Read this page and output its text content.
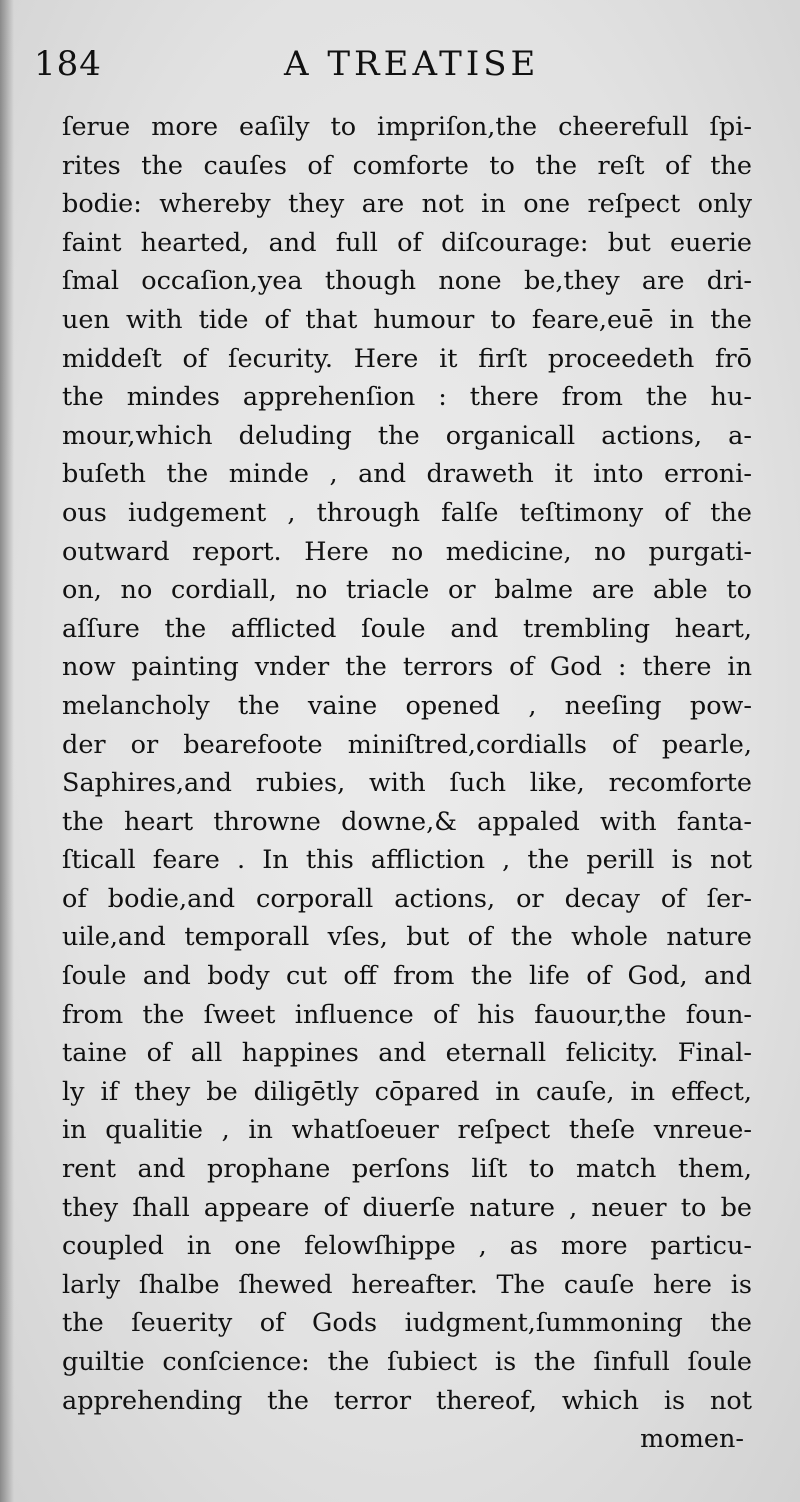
184	A TREATISE
ſerue more eaſily to impriſon,the cheerefull ſpi-
rites the cauſes of comforte to the reſt of the
bodie: whereby they are not in one reſpect only
faint hearted, and full of diſcourage: but euerie
ſmal occaſion,yea though none be,they are dri-
uen with tide of that humour to feare,euē in the
middeſt of ſecurity. Here it firſt proceedeth frō
the mindes apprehenſion : there from the hu-
mour,which deluding the organicall actions, a-
buſeth the minde , and draweth it into erroni-
ous iudgement , through falſe teſtimony of the
outward report. Here no medicine, no purgati-
on, no cordiall, no triacle or balme are able to
aſſure the afflicted ſoule and trembling heart,
now painting vnder the terrors of God : there in
melancholy the vaine opened , neeſing pow-
der or bearefoote miniſtred,cordialls of pearle,
Saphires,and rubies, with ſuch like, recomforte
the heart throwne downe,& appaled with fanta-
ſticall feare . In this affliction , the perill is not
of bodie,and corporall actions, or decay of ſer-
uile,and temporall vſes, but of the whole nature
ſoule and body cut off from the life of God, and
from the ſweet influence of his fauour,the foun-
taine of all happines and eternall felicity. Final-
ly if they be diligētly cōpared in cauſe, in effect,
in qualitie , in whatſoeuer reſpect theſe vnreue-
rent and prophane perſons liſt to match them,
they ſhall appeare of diuerſe nature , neuer to be
coupled in one felowſhippe , as more particu-
larly ſhalbe ſhewed hereafter. The cauſe here is
the ſeuerity of Gods iudgment,ſummoning the
guiltie conſcience: the ſubiect is the ſinfull ſoule
apprehending the terror thereof, which is not
momen-
